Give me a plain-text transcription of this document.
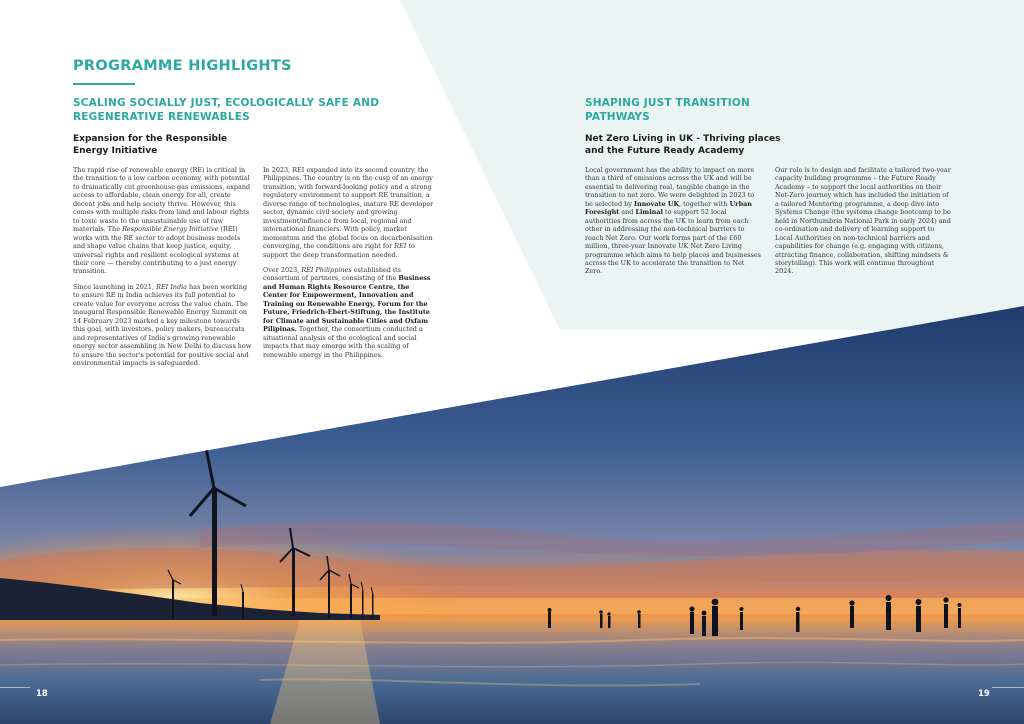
PROGRAMME HIGHLIGHTS
SCALING SOCIALLY JUST, ECOLOGICALLY SAFE AND
REGENERATIVE RENEWABLES
Expansion for the Responsible
Energy Initiative

The rapid rise of renewable energy (RE) is critical in the transition to a low carbon economy, with potential to dramatically cut greenhouse gas emissions, expand access to affordable, clean energy for all, create decent jobs and help society thrive. However, this comes with multiple risks from land and labour rights to toxic waste to the unsustainable use of raw materials. The Responsible Energy Initiative (REI) works with the RE sector to adopt business models and shape value chains that keep justice, equity, universal rights and resilient ecological systems at their core — thereby contributing to a just energy transition.

Since launching in 2021, REI India has been working to ensure RE in India achieves its full potential to create value for everyone across the value chain. The inaugural Responsible Renewable Energy Summit on 14 February 2023 marked a key milestone towards this goal, with investors, policy makers, bureaucrats and representatives of India's growing renewable energy sector assembling in New Delhi to discuss how to ensure the sector's potential for positive social and environmental impacts is safeguarded.

In 2023, REI expanded into its second country, the Philippines. The country is on the cusp of an energy transition, with forward-looking policy and a strong regulatory environment to support RE transition, a diverse range of technologies, mature RE developer sector, dynamic civil society and growing investment/influence from local, regional and international financiers. With policy, market momentum and the global focus on decarbonisation converging, the conditions are right for REI to support the deep transformation needed.

Over 2023, REI Philippines established its consortium of partners, consisting of the Business and Human Rights Resource Centre, the Center for Empowerment, Innovation and Training on Renewable Energy, Forum for the Future, Friedrich-Ebert-Stiftung, the Institute for Climate and Sustainable Cities and Oxfam Pilipinas. Together, the consortium conducted a situational analysis of the ecological and social impacts that may emerge with the scaling of renewable energy in the Philippines.

SHAPING JUST TRANSITION
PATHWAYS
Net Zero Living in UK - Thriving places
and the Future Ready Academy

Local government has the ability to impact on more than a third of emissions across the UK and will be essential to delivering real, tangible change in the transition to net zero. We were delighted in 2023 to be selected by Innovate UK, together with Urban Foresight and Liminal to support 52 local authorities from across the UK to learn from each other in addressing the non-technical barriers to reach Net Zero. Our work forms part of the £60 million, three-year Innovate UK Net Zero Living programme which aims to help places and businesses across the UK to accelerate the transition to Net Zero.

Our role is to design and facilitate a tailored two-year capacity building programme – the Future Ready Academy – to support the local authorities on their Net-Zero journey which has included the initiation of a tailored Mentoring programme, a deep dive into Systems Change (the systems change bootcamp to be held in Northumbria National Park in early 2024) and co-ordination and delivery of learning support to Local Authorities on non-technical barriers and capabilities for change (e.g. engaging with citizens, attracting finance, collaboration, shifting mindsets & storytelling). This work will continue throughout 2024.

18	19
